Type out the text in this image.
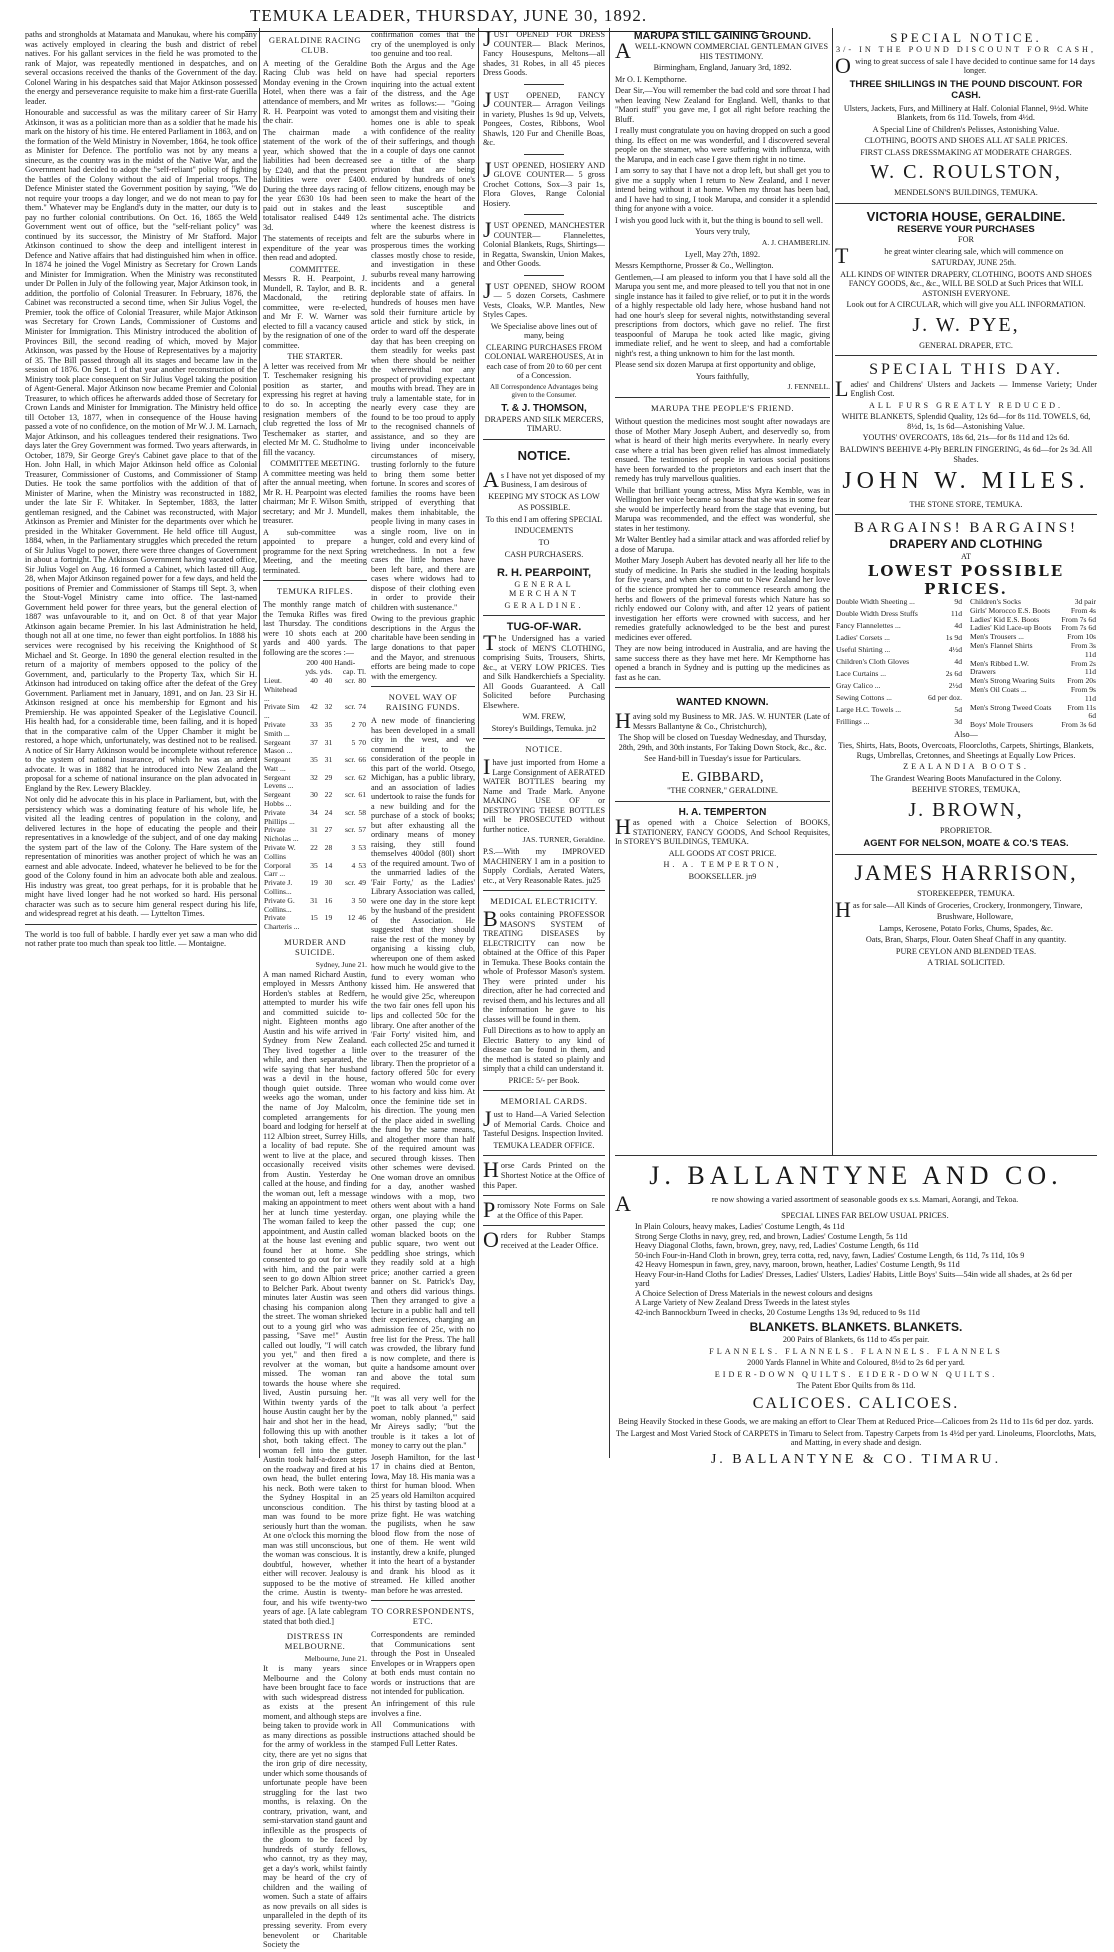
TEMUKA LEADER, THURSDAY, JUNE 30, 1892.

paths and strongholds at Matamata and Manukau, where his company was actively employed in clearing the bush and district of rebel natives. For his gallant services in the field he was promoted to the rank of Major, was repeatedly mentioned in despatches, and on several occasions received the thanks of the Government of the day. Colonel Waring in his despatches said that Major Atkinson possessed the energy and perseverance requisite to make him a first-rate Guerilla leader.

Honourable and successful as was the military career of Sir Harry Atkinson, it was as a politician more than as a soldier that he made his mark on the history of his time. He entered Parliament in 1863, and on the formation of the Weld Ministry in November, 1864, he took office as Minister for Defence. The portfolio was not by any means a sinecure, as the country was in the midst of the Native War, and the Government had decided to adopt the "self-reliant" policy of fighting the battles of the Colony without the aid of Imperial troops. The Defence Minister stated the Government position by saying, "We do not require your troops a day longer, and we do not mean to pay for them." Whatever may be England's duty in the matter, our duty is to pay no further colonial contributions. On Oct. 16, 1865 the Weld Government went out of office, but the "self-reliant policy" was continued by its successor, the Ministry of Mr Stafford. Major Atkinson continued to show the deep and intelligent interest in Defence and Native affairs that had distinguished him when in office. In 1874 he joined the Vogel Ministry as Secretary for Crown Lands and Minister for Immigration. When the Ministry was reconstituted under Dr Pollen in July of the following year, Major Atkinson took, in addition, the portfolio of Colonial Treasurer. In February, 1876, the Cabinet was reconstructed a second time, when Sir Julius Vogel, the Premier, took the office of Colonial Treasurer, while Major Atkinson was Secretary for Crown Lands, Commissioner of Customs and Minister for Immigration. This Ministry introduced the abolition of Provinces Bill, the second reading of which, moved by Major Atkinson, was passed by the House of Representatives by a majority of 35. The Bill passed through all its stages and became law in the session of 1876. On Sept. 1 of that year another reconstruction of the Ministry took place consequent on Sir Julius Vogel taking the position of Agent-General. Major Atkinson now became Premier and Colonial Treasurer, to which offices he afterwards added those of Secretary for Crown Lands and Minister for Immigration. The Ministry held office till October 13, 1877, when in consequence of the House having passed a vote of no confidence, on the motion of Mr W. J. M. Larnach, Major Atkinson, and his colleagues tendered their resignations. Two days later the Grey Government was formed. Two years afterwards, in October, 1879, Sir George Grey's Cabinet gave place to that of the Hon. John Hall, in which Major Atkinson held office as Colonial Treasurer, Commissioner of Customs, and Commissioner of Stamp Duties. He took the same portfolios with the addition of that of Minister of Marine, when the Ministry was reconstructed in 1882, under the late Sir F. Whitaker. In September, 1883, the latter gentleman resigned, and the Cabinet was reconstructed, with Major Atkinson as Premier and Minister for the departments over which he presided in the Whitaker Government. He held office till August, 1884, when, in the Parliamentary struggles which preceded the return of Sir Julius Vogel to power, there were three changes of Government in about a fortnight. The Atkinson Government having vacated office, Sir Julius Vogel on Aug. 16 formed a Cabinet, which lasted till Aug. 28, when Major Atkinson regained power for a few days, and held the positions of Premier and Commissioner of Stamps till Sept. 3, when the Stout-Vogel Ministry came into office. The last-named Government held power for three years, but the general election of 1887 was unfavourable to it, and on Oct. 8 of that year Major Atkinson again became Premier. In his last Administration he held, though not all at one time, no fewer than eight portfolios. In 1888 his services were recognised by his receiving the Knighthood of St Michael and St. George. In 1890 the general election resulted in the return of a majority of members opposed to the policy of the Government, and, particularly to the Property Tax, which Sir H. Atkinson had introduced on taking office after the defeat of the Grey Government. Parliament met in January, 1891, and on Jan. 23 Sir H. Atkinson resigned at once his membership for Egmont and his Premiership. He was appointed Speaker of the Legislative Council. His health had, for a considerable time, been failing, and it is hoped that in the comparative calm of the Upper Chamber it might be restored, a hope which, unfortunately, was destined not to be realised. A notice of Sir Harry Atkinson would be incomplete without reference to the system of national insurance, of which he was an ardent advocate. It was in 1882 that he introduced into New Zealand the proposal for a scheme of national insurance on the plan advocated in England by the Rev. Lewery Blackley.

Not only did he advocate this in his place in Parliament, but, with the persistency which was a dominating feature of his whole life, he visited all the leading centres of population in the colony, and delivered lectures in the hope of educating the people and their representatives in a knowledge of the subject, and of one day making the system part of the law of the Colony. The Hare system of the representation of minorities was another project of which he was an earnest and able advocate. Indeed, whatever he believed to be for the good of the Colony found in him an advocate both able and zealous. His industry was great, too great perhaps, for it is probable that he might have lived longer had he not worked so hard. His personal character was such as to secure him general respect during his life, and widespread regret at his death. — Lyttelton Times.

The world is too full of babble. I hardly ever yet saw a man who did not rather prate too much than speak too little. — Montaigne.

GERALDINE RACING CLUB.

A meeting of the Geraldine Racing Club was held on Monday evening in the Crown Hotel, when there was a fair attendance of members, and Mr R. H. Pearpoint was voted to the chair.

The chairman made a statement of the work of the year, which showed that the liabilities had been decreased by £240, and that the present liabilities were over £400. During the three days racing of the year £630 10s had been paid out in stakes and the totalisator realised £449 12s 3d.

The statements of receipts and expenditure of the year was then read and adopted.

COMMITTEE.

Messrs R. H. Pearpoint, J. Mundell, R. Taylor, and B. R. Macdonald, the retiring committee, were re-elected, and Mr F. W. Warner was elected to fill a vacancy caused by the resignation of one of the committee.

THE STARTER.

A letter was received from Mr T. Teschemaker resigning his position as starter, and expressing his regret at having to do so. In accepting the resignation members of the club regretted the loss of Mr Teschemaker as starter, and elected Mr M. C. Studholme to fill the vacancy.

COMMITTEE MEETING.

A committee meeting was held after the annual meeting, when Mr R. H. Pearpoint was elected chairman; Mr F. Wilson Smith, secretary; and Mr J. Mundell, treasurer.

A sub-committee was appointed to prepare a programme for the next Spring Meeting, and the meeting terminated.

TEMUKA RIFLES.

The monthly range match of the Temuka Rifles was fired last Thursday. The conditions were 10 shots each at 200 yards and 400 yards. The following are the scores :—

	200	400	Handi-	
	yds.	yds.	cap.	Tl.
Lieut. Whitehead ...	40	40	scr.	80
Private Sim ...	42	32	scr.	74
Private Smith ...	33	35	2	70
Sergeant Mason ...	37	31	5	70
Sergeant Watt ...	35	31	scr.	66
Sergeant Levens ...	32	29	scr.	62
Sergeant Hobbs ...	30	22	scr.	61
Private Phillips ...	34	24	scr.	58
Private Nicholas ...	31	27	scr.	57
Private W. Collins	22	28	3	53
Corporal Carr ...	35	14	4	53
Private J. Collins...	19	30	scr.	49
Private G. Collins...	31	16	3	50
Private Charteris ...	15	19	12	46
MURDER AND SUICIDE.
Sydney, June 21.

A man named Richard Austin, employed in Messrs Anthony Horden's stables at Redfern, attempted to murder his wife and committed suicide to-night. Eighteen months ago Austin and his wife arrived in Sydney from New Zealand. They lived together a little while, and then separated, the wife saying that her husband was a devil in the house, though quiet outside. Three weeks ago the woman, under the name of Joy Malcolm, completed arrangements for board and lodging for herself at 112 Albion street, Surrey Hills, a locality of bad repute. She went to live at the place, and occasionally received visits from Austin. Yesterday he called at the house, and finding the woman out, left a message making an appointment to meet her at lunch time yesterday. The woman failed to keep the appointment, and Austin called at the house last evening and found her at home. She consented to go out for a walk with him, and the pair were seen to go down Albion street to Belcher Park. About twenty minutes later Austin was seen chasing his companion along the street. The woman shrieked out to a young girl who was passing, "Save me!" Austin called out loudly, "I will catch you yet," and then fired a revolver at the woman, but missed. The woman ran towards the house where she lived, Austin pursuing her. Within twenty yards of the house Austin caught her by the hair and shot her in the head, following this up with another shot, both taking effect. The woman fell into the gutter. Austin took half-a-dozen steps on the roadway and fired at his own head, the bullet entering his neck. Both were taken to the Sydney Hospital in an unconscious condition. The man was found to be more seriously hurt than the woman. At one o'clock this morning the man was still unconscious, but the woman was conscious. It is doubtful, however, whether either will recover. Jealousy is supposed to be the motive of the crime. Austin is twenty-four, and his wife twenty-two years of age. [A late cablegram stated that both died.]

DISTRESS IN MELBOURNE.
Melbourne, June 21.

It is many years since Melbourne and the Colony have been brought face to face with such widespread distress as exists at the present moment, and although steps are being taken to provide work in as many directions as possible for the army of workless in the city, there are yet no signs that the iron grip of dire necessity, under which some thousands of unfortunate people have been struggling for the last two months, is relaxing. On the contrary, privation, want, and semi-starvation stand gaunt and inflexible as the prospects of the gloom to be faced by hundreds of sturdy fellows, who cannot, try as they may, get a day's work, whilst faintly may be heard of the cry of children and the wailing of women. Such a state of affairs as now prevails on all sides is unparalleled in the depth of its pressing severity. From every benevolent or Charitable Society the

confirmation comes that the cry of the unemployed is only too genuine and too real.

Both the Argus and the Age have had special reporters inquiring into the actual extent of the distress, and the Age writes as follows:— "Going amongst them and visiting their homes one is able to speak with confidence of the reality of their sufferings, and though in a couple of days one cannot see a titlte of the sharp privation that are being endured by hundreds of one's fellow citizens, enough may be seen to make the heart of the least susceptible and sentimental ache. The districts where the keenest distress is felt are the suburbs where in prosperous times the working classes mostly chose to reside, and investigation in these suburbs reveal many harrowing incidents and a general deplorable state of affairs. In hundreds of houses men have sold their furniture article by article and stick by stick, in order to ward off the desperate day that has been creeping on them steadily for weeks past when there should be neither the wherewithal nor any prospect of providing expectant mouths with bread. They are in truly a lamentable state, for in nearly every case they are found to be too proud to apply to the recognised channels of assistance, and so they are living under inconceivable circumstances of misery, trusting forlornly to the future to bring them some better fortune. In scores and scores of families the rooms have been stripped of everything that makes them inhabitable, the people living in many cases in a single room, live on in hunger, cold and every kind of wretchedness. In not a few cases the little homes have been left bare, and there are cases where widows had to dispose of their clothing even in order to provide their children with sustenance."

Owing to the previous graphic descriptions in the Argus the charitable have been sending in large donations to that paper and the Mayor, and strenuous efforts are being made to cope with the emergency.

NOVEL WAY OF RAISING FUNDS.

A new mode of financiering has been developed in a small city in the west, and we commend it to the consideration of the people in this part of the world. Otsego, Michigan, has a public library, and an association of ladies undertook to raise the funds for a new building and for the purchase of a stock of books; but after exhausting all the ordinary means of money raising, they still found themselves 400dol (80l) short of the required amount. Two of the unmarried ladies of the 'Fair Forty,' as the Ladies' Library Association was called, were one day in the store kept by the husband of the president of the Association. He suggested that they should raise the rest of the money by organising a kissing club, whereupon one of them asked how much he would give to the fund to every woman who kissed him. He answered that he would give 25c, whereupon the two fair ones fell upon his lips and collected 50c for the library. One after another of the 'Fair Forty' visited him, and each collected 25c and turned it over to the treasurer of the library. Then the proprietor of a factory offered 50c for every woman who would come over to his factory and kiss him. At once the feminine tide set in his direction. The young men of the place aided in swelling the fund by the same means, and altogether more than half of the required amount was secured through kisses. Then other schemes were devised. One woman drove an omnibus for a day, another washed windows with a mop, two others went about with a hand organ, one playing while the other passed the cup; one woman blacked boots on the public square, two went out peddling shoe strings, which they readily sold at a high price; another carried a green banner on St. Patrick's Day, and others did various things. Then they arranged to give a lecture in a public hall and tell their experiences, charging an admission fee of 25c, with no free list for the Press. The hall was crowded, the library fund is now complete, and there is quite a handsome amount over and above the total sum required.

"It was all very well for the poet to talk about 'a perfect woman, nobly planned,'" said Mr Aireys sadly; "but the trouble is it takes a lot of money to carry out the plan."

Joseph Hamilton, for the last 17 in chains died at Benton, Iowa, May 18. His mania was a thirst for human blood. When 25 years old Hamilton acquired his thirst by tasting blood at a prize fight. He was watching the pugilists, when he saw blood flow from the nose of one of them. He went wild instantly, drew a knife, plunged it into the heart of a bystander and drank his blood as it streamed. He killed another man before he was arrested.

TO CORRESPONDENTS, ETC.

Correspondents are reminded that Communications sent through the Post in Unsealed Envelopes or in Wrappers open at both ends must contain no words or instructions that are not intended for publication.

An infringement of this rule involves a fine.

All Communications with instructions attached should be stamped Full Letter Rates.

JUST OPENED FOR DRESS COUNTER— Black Merinos, Fancy Housespuns, Meltons—all shades, 31 Robes, in all 45 pieces Dress Goods.

JUST OPENED, FANCY COUNTER— Arragon Veilings in variety, Plushes 1s 9d up, Velvets, Pongees, Costes, Ribbons, Wool Shawls, 120 Fur and Chenille Boas, &c.

JUST OPENED, HOSIERY AND GLOVE COUNTER— 5 gross Crochet Cottons, Sox—3 pair 1s, Flora Gloves, Range Colonial Hosiery.

JUST OPENED, MANCHESTER COUNTER— Flannelettes, Colonial Blankets, Rugs, Shirtings—in Regatta, Swanskin, Union Makes, and Other Goods.

JUST OPENED, SHOW ROOM— 5 dozen Corsets, Cashmere Vests, Cloaks, W.P. Mantles, New Styles Capes.

We Specialise above lines out of many, being

CLEARING PURCHASES FROM COLONIAL WAREHOUSES, At in each case of from 20 to 60 per cent of a Concession.

All Correspondence Advantages being given to the Consumer.

T. & J. THOMSON,

DRAPERS AND SILK MERCERS, TIMARU.

NOTICE.

As I have not yet disposed of my Business, I am desirous of

KEEPING MY STOCK AS LOW

AS POSSIBLE.

To this end I am offering SPECIAL

INDUCEMENTS

TO

CASH PURCHASERS.

R. H. PEARPOINT,

GENERAL MERCHANT

GERALDINE.

TUG-OF-WAR.

The Undersigned has a varied stock of MEN'S CLOTHING, comprising Suits, Trousers, Shirts, &c., at VERY LOW PRICES. Ties and Silk Handkerchiefs a Speciality. All Goods Guaranteed. A Call Solicited before Purchasing Elsewhere.

WM. FREW,

Storey's Buildings, Temuka. jn2

NOTICE.

Ihave just imported from Home a Large Consignment of AERATED WATER BOTTLES bearing my Name and Trade Mark. Anyone MAKING USE OF or DESTROYING THESE BOTTLES will be PROSECUTED without further notice.

JAS. TURNER, Geraldine.

P.S.—With my IMPROVED MACHINERY I am in a position to Supply Cordials, Aerated Waters, etc., at Very Reasonable Rates. ju25

MEDICAL ELECTRICITY.

Books containing PROFESSOR MASON'S SYSTEM of TREATING DISEASES by ELECTRICITY can now be obtained at the Office of this Paper in Temuka. These Books contain the whole of Professor Mason's system. They were printed under his direction, after he had corrected and revised them, and his lectures and all the information he gave to his classes will be found in them.

Full Directions as to how to apply an Electric Battery to any kind of disease can be found in them, and the method is stated so plainly and simply that a child can understand it.

PRICE: 5/- per Book.

MEMORIAL CARDS.

Just to Hand—A Varied Selection of Memorial Cards. Choice and Tasteful Designs. Inspection Invited.

TEMUKA LEADER OFFICE.

Horse Cards Printed on the Shortest Notice at the Office of this Paper.

Promissory Note Forms on Sale at the Office of this Paper.

Orders for Rubber Stamps received at the Leader Office.

MARUPA STILL GAINING GROUND.

AWELL-KNOWN COMMERCIAL GENTLEMAN GIVES HIS TESTIMONY.

Birmingham, England, January 3rd, 1892.

Mr O. I. Kempthorne.

Dear Sir,—You will remember the bad cold and sore throat I had when leaving New Zealand for England. Well, thanks to that "Maori stuff" you gave me, I got all right before reaching the Bluff.

I really must congratulate you on having dropped on such a good thing. Its effect on me was wonderful, and I discovered several people on the steamer, who were suffering with influenza, with the Marupa, and in each case I gave them right in no time.

I am sorry to say that I have not a drop left, but shall get you to give me a supply when I return to New Zealand, and I never intend being without it at home. When my throat has been bad, and I have had to sing, I took Marupa, and consider it a splendid thing for anyone with a voice.

I wish you good luck with it, but the thing is bound to sell well.

Yours very truly,

A. J. CHAMBERLIN.

Lyell, May 27th, 1892.

Messrs Kempthorne, Prosser & Co., Wellington.

Gentlemen,—I am pleased to inform you that I have sold all the Marupa you sent me, and more pleased to tell you that not in one single instance has it failed to give relief, or to put it in the words of a highly respectable old lady here, whose husband hand not had one hour's sleep for several nights, notwithstanding several prescriptions from doctors, which gave no relief. The first teaspoonful of Marupa he took acted like magic, giving immediate relief, and he went to sleep, and had a comfortable night's rest, a thing unknown to him for the last month.

Please send six dozen Marupa at first opportunity and oblige,

Yours faithfully,

J. FENNELL.

MARUPA THE PEOPLE'S FRIEND.

Without question the medicines most sought after nowadays are those of Mother Mary Joseph Aubert, and deservedly so, from what is heard of their high merits everywhere. In nearly every case where a trial has been given relief has almost immediately ensued. The testimonies of people in various social positions have been forwarded to the proprietors and each insert that the remedy has truly marvellous qualities.

While that brilliant young actress, Miss Myra Kemble, was in Wellington her voice became so hoarse that she was in some fear she would be imperfectly heard from the stage that evening, but Marupa was recommended, and the effect was wonderful, she states in her testimony.

Mr Walter Bentley had a similar attack and was afforded relief by a dose of Marupa.

Mother Mary Joseph Aubert has devoted nearly all her life to the study of medicine. In Paris she studied in the leading hospitals for five years, and when she came out to New Zealand her love of the science prompted her to commence research among the herbs and flowers of the primeval forests which Nature has so richly endowed our Colony with, and after 12 years of patient investigation her efforts were crowned with success, and her remedies gratefully acknowledged to be the best and purest medicines ever offered.

They are now being introduced in Australia, and are having the same success there as they have met here. Mr Kempthorne has opened a branch in Sydney and is putting up the medicines as fast as he can.

WANTED KNOWN.

Having sold my Business to MR. JAS. W. HUNTER (Late of Messrs Ballantyne & Co., Christchurch),

The Shop will be closed on Tuesday Wednesday, and Thursday, 28th, 29th, and 30th instants, For Taking Down Stock, &c., &c.

See Hand-bill in Tuesday's issue for Particulars.

E. GIBBARD,

"THE CORNER," GERALDINE.

H. A. TEMPERTON

Has opened with a Choice Selection of BOOKS, STATIONERY, FANCY GOODS, And School Requisites, In STOREY'S BUILDINGS, TEMUKA.

ALL GOODS AT COST PRICE.

H. A. TEMPERTON,

BOOKSELLER. jn9

SPECIAL NOTICE.

3/- IN THE POUND DISCOUNT FOR CASH,

Owing to great success of sale I have decided to continue same for 14 days longer.

THREE SHILLINGS IN THE POUND DISCOUNT. FOR CASH.

Ulsters, Jackets, Furs, and Millinery at Half. Colonial Flannel, 9½d. White Blankets, from 6s 11d. Towels, from 4½d.

A Special Line of Children's Pelisses, Astonishing Value.

CLOTHING, BOOTS AND SHOES ALL AT SALE PRICES.

FIRST CLASS DRESSMAKING AT MODERATE CHARGES.

W. C. ROULSTON,

MENDELSON'S BUILDINGS, TEMUKA.

VICTORIA HOUSE, GERALDINE.
RESERVE YOUR PURCHASES

FOR

The great winter clearing sale, which will commence on

SATURDAY, JUNE 25th.

ALL KINDS OF WINTER DRAPERY, CLOTHING, BOOTS AND SHOES FANCY GOODS, &c., &c., WILL BE SOLD at Such Prices that WILL ASTONISH EVERYONE.

Look out for A CIRCULAR, which will give you ALL INFORMATION.

J. W. PYE,

GENERAL DRAPER, ETC.

SPECIAL THIS DAY.

Ladies' and Childrens' Ulsters and Jackets — Immense Variety; Under English Cost.

ALL FURS GREATLY REDUCED.

WHITE BLANKETS, Splendid Quality, 12s 6d—for 8s 11d. TOWELS, 6d, 8½d, 1s, 1s 6d—Astonishing Value.

YOUTHS' OVERCOATS, 18s 6d, 21s—for 8s 11d and 12s 6d.

BALDWIN'S BEEHIVE 4-Ply BERLIN FINGERING, 4s 6d—for 2s 3d. All Shades.

JOHN W. MILES.

THE STONE STORE, TEMUKA.

BARGAINS! BARGAINS!
DRAPERY AND CLOTHING

AT

LOWEST POSSIBLE PRICES.
Double Width Sheeting ...	9d
Double Width Dress Stuffs	11d
Fancy Flannelettes ...	4d
Ladies' Corsets ...	1s 9d
Useful Shirting ...	4½d
Children's Cloth Gloves	4d
Lace Curtains ...	2s 6d
Gray Calico ...	2½d
Sewing Cottons ...	6d per doz.
Large H.C. Towels ...	5d
Frillings ...	3d
Children's Socks	3d pair
Girls' Morocco E.S. Boots	From 4s
Ladies' Kid E.S. Boots	From 7s 6d
Ladies' Kid Lace-up Boots	From 7s 6d
Men's Trousers ...	From 10s
Men's Flannel Shirts	From 3s 11d
Men's Ribbed L.W. Drawers	From 2s 11d
Men's Strong Wearing Suits	From 20s
Men's Oil Coats ...	From 9s 11d
Men's Strong Tweed Coats	From 11s 6d
Boys' Mole Trousers	From 3s 6d

Also—

Ties, Shirts, Hats, Boots, Overcoats, Floorcloths, Carpets, Shirtings, Blankets, Rugs, Umbrellas, Cretonnes, and Sheetings at Equally Low Prices.

ZEALANDIA BOOTS.

The Grandest Wearing Boots Manufactured in the Colony.

BEEHIVE STORES, TEMUKA,

J. BROWN,

PROPRIETOR.

AGENT FOR NELSON, MOATE & CO.'S TEAS.
JAMES HARRISON,

STOREKEEPER, TEMUKA.

Has for sale—All Kinds of Groceries, Crockery, Ironmongery, Tinware,

Brushware, Holloware,

Lamps, Kerosene, Potato Forks, Chums, Spades, &c.

Oats, Bran, Sharps, Flour. Oaten Sheaf Chaff in any quantity.

PURE CEYLON AND BLENDED TEAS.

A TRIAL SOLICITED.

J. BALLANTYNE AND CO.

Are now showing a varied assortment of seasonable goods ex s.s. Mamari, Aorangi, and Tekoa.

SPECIAL LINES FAR BELOW USUAL PRICES.

In Plain Colours, heavy makes, Ladies' Costume Length, 4s 11d

Strong Serge Cloths in navy, grey, red, and brown, Ladies' Costume Length, 5s 11d

Heavy Diagonal Cloths, fawn, brown, grey, navy, red, Ladies' Costume Length, 6s 11d

50-inch Four-in-Hand Cloth in brown, grey, terra cotta, red, navy, fawn, Ladies' Costume Length, 6s 11d, 7s 11d, 10s 9

42 Heavy Homespun in fawn, grey, navy, maroon, brown, heather, Ladies' Costume Length, 9s 11d

Heavy Four-in-Hand Cloths for Ladies' Dresses, Ladies' Ulsters, Ladies' Habits, Little Boys' Suits—54in wide all shades, at 2s 6d per yard

A Choice Selection of Dress Materials in the newest colours and designs

A Large Variety of New Zealand Dress Tweeds in the latest styles

42-inch Bannockburn Tweed in checks, 20 Costume Lengths 13s 9d, reduced to 9s 11d

BLANKETS. BLANKETS. BLANKETS.

200 Pairs of Blankets, 6s 11d to 45s per pair.

FLANNELS. FLANNELS. FLANNELS. FLANNELS

2000 Yards Flannel in White and Coloured, 8½d to 2s 6d per yard.

EIDER-DOWN QUILTS. EIDER-DOWN QUILTS.

The Patent Ebor Quilts from 8s 11d.

CALICOES. CALICOES.

Being Heavily Stocked in these Goods, we are making an effort to Clear Them at Reduced Price—Calicoes from 2s 11d to 11s 6d per doz. yards.

The Largest and Most Varied Stock of CARPETS in Timaru to Select from. Tapestry Carpets from 1s 4½d per yard. Linoleums, Floorcloths, Mats, and Matting, in every shade and design.

J. BALLANTYNE & CO. TIMARU.
